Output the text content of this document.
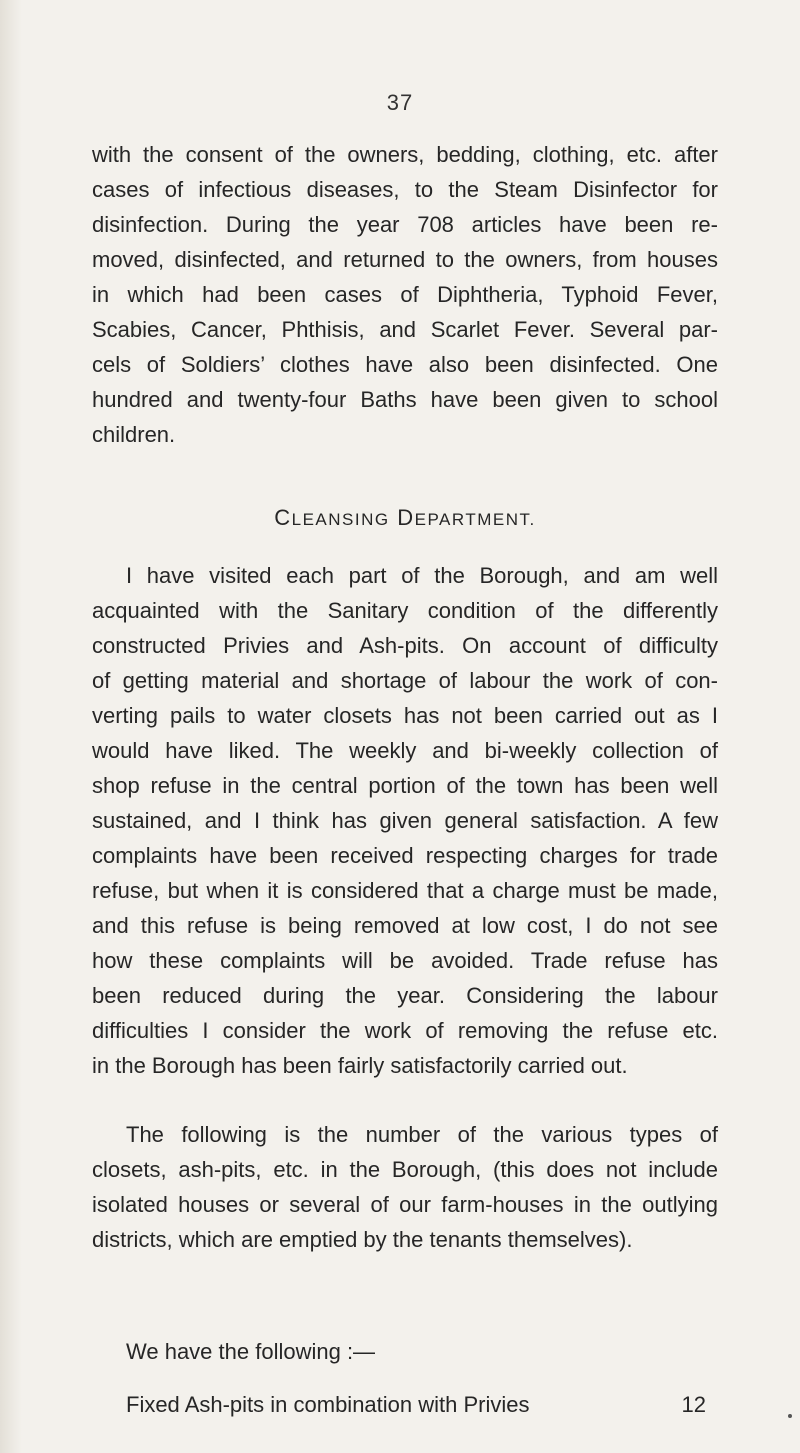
37
with the consent of the owners, bedding, clothing, etc. after
cases of infectious diseases, to the Steam Disinfector for
disinfection. During the year 708 articles have been re-
moved, disinfected, and returned to the owners, from houses
in which had been cases of Diphtheria, Typhoid Fever,
Scabies, Cancer, Phthisis, and Scarlet Fever. Several par-
cels of Soldiers’ clothes have also been disinfected. One
hundred and twenty-four Baths have been given to school
children.
CLEANSING DEPARTMENT.
I have visited each part of the Borough, and am well
acquainted with the Sanitary condition of the differently
constructed Privies and Ash-pits. On account of difficulty
of getting material and shortage of labour the work of con-
verting pails to water closets has not been carried out as I
would have liked. The weekly and bi-weekly collection of
shop refuse in the central portion of the town has been well
sustained, and I think has given general satisfaction. A few
complaints have been received respecting charges for trade
refuse, but when it is considered that a charge must be made,
and this refuse is being removed at low cost, I do not see
how these complaints will be avoided. Trade refuse has
been reduced during the year. Considering the labour
difficulties I consider the work of removing the refuse etc.
in the Borough has been fairly satisfactorily carried out.
The following is the number of the various types of
closets, ash-pits, etc. in the Borough, (this does not include
isolated houses or several of our farm-houses in the outlying
districts, which are emptied by the tenants themselves).
We have the following :—
Fixed Ash-pits in combination with Privies	12
